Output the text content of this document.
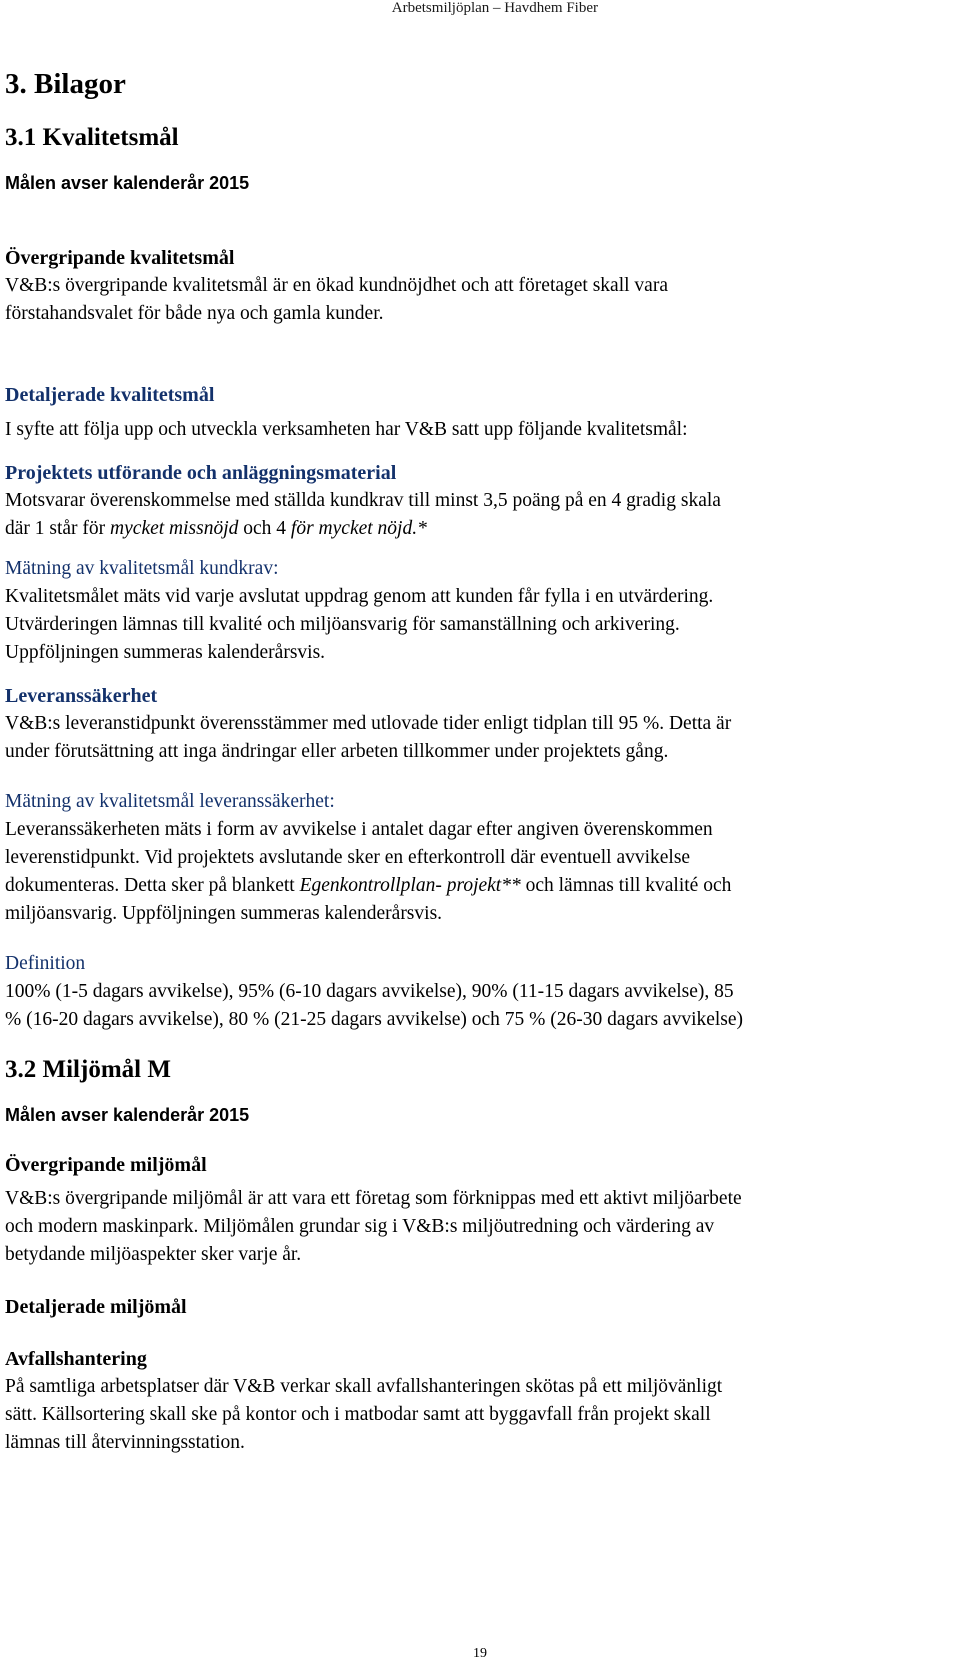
Arbetsmiljöplan – Havdhem Fiber
3. Bilagor
3.1 Kvalitetsmål
Målen avser kalenderår 2015
Övergripande kvalitetsmål

V&B:s övergripande kvalitetsmål är en ökad kundnöjdhet och att företaget skall vara

förstahandsvalet för både nya och gamla kunder.

Detaljerade kvalitetsmål

I syfte att följa upp och utveckla verksamheten har V&B satt upp följande kvalitetsmål:

Projektets utförande och anläggningsmaterial

Motsvarar överenskommelse med ställda kundkrav till minst 3,5 poäng på en 4 gradig skala

där 1 står för mycket missnöjd och 4 för mycket nöjd.*

Mätning av kvalitetsmål kundkrav:

Kvalitetsmålet mäts vid varje avslutat uppdrag genom att kunden får fylla i en utvärdering.

Utvärderingen lämnas till kvalité och miljöansvarig för samanställning och arkivering.

Uppföljningen summeras kalenderårsvis.

Leveranssäkerhet

V&B:s leveranstidpunkt överensstämmer med utlovade tider enligt tidplan till 95 %. Detta är

under förutsättning att inga ändringar eller arbeten tillkommer under projektets gång.

Mätning av kvalitetsmål leveranssäkerhet:

Leveranssäkerheten mäts i form av avvikelse i antalet dagar efter angiven överenskommen

leverenstidpunkt. Vid projektets avslutande sker en efterkontroll där eventuell avvikelse

dokumenteras. Detta sker på blankett Egenkontrollplan- projekt** och lämnas till kvalité och

miljöansvarig. Uppföljningen summeras kalenderårsvis.

Definition

100% (1-5 dagars avvikelse), 95% (6-10 dagars avvikelse), 90% (11-15 dagars avvikelse), 85

% (16-20 dagars avvikelse), 80 % (21-25 dagars avvikelse) och 75 % (26-30 dagars avvikelse)

3.2 Miljömål M
Målen avser kalenderår 2015
Övergripande miljömål

V&B:s övergripande miljömål är att vara ett företag som förknippas med ett aktivt miljöarbete

och modern maskinpark. Miljömålen grundar sig i V&B:s miljöutredning och värdering av

betydande miljöaspekter sker varje år.

Detaljerade miljömål
Avfallshantering

På samtliga arbetsplatser där V&B verkar skall avfallshanteringen skötas på ett miljövänligt

sätt. Källsortering skall ske på kontor och i matbodar samt att byggavfall från projekt skall

lämnas till återvinningsstation.

19
